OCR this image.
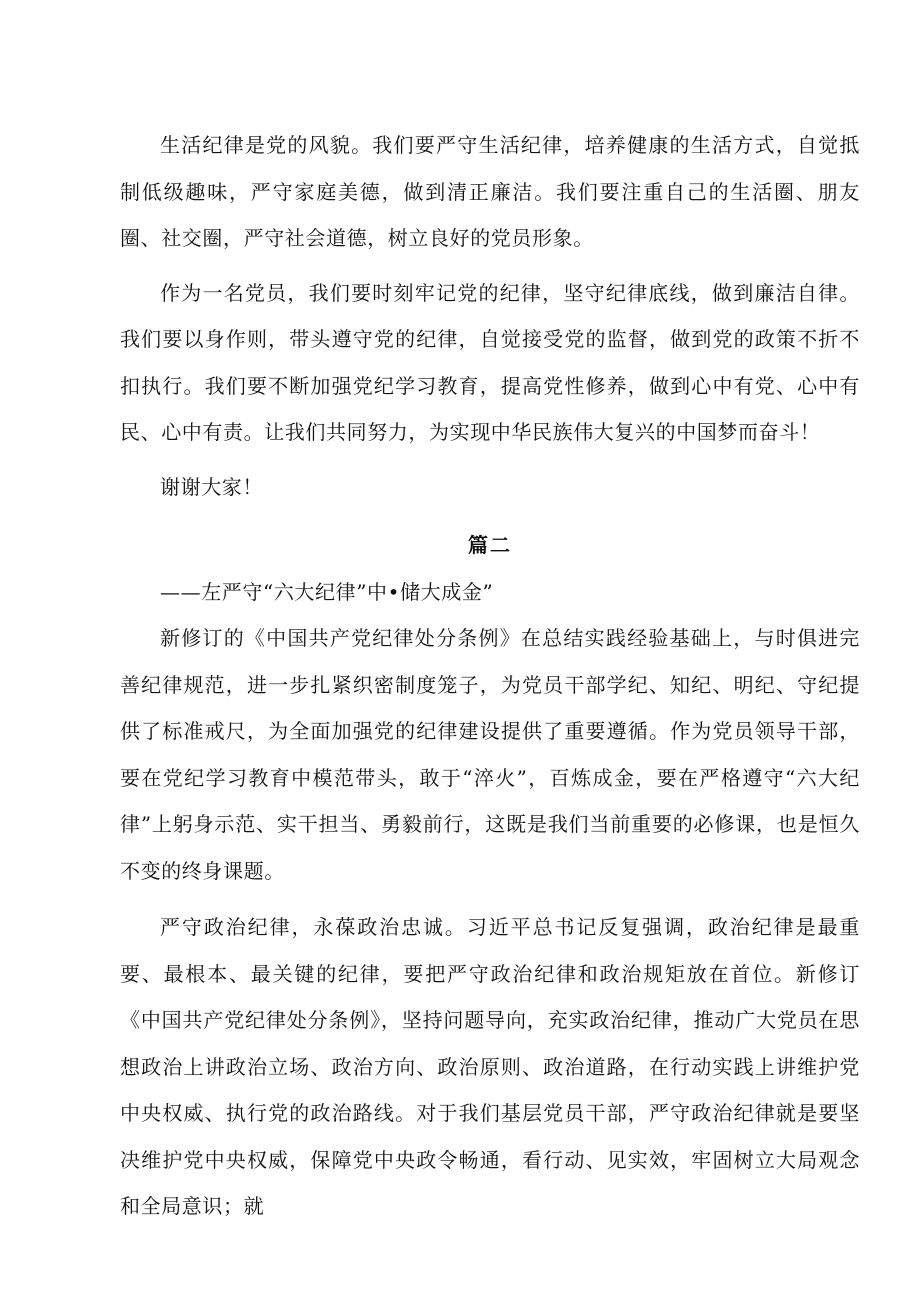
生活纪律是党的风貌。我们要严守生活纪律，培养健康的生活方式，自觉抵制低级趣味，严守家庭美德，做到清正廉洁。我们要注重自己的生活圈、朋友圈、社交圈，严守社会道德，树立良好的党员形象。

作为一名党员，我们要时刻牢记党的纪律，坚守纪律底线，做到廉洁自律。我们要以身作则，带头遵守党的纪律，自觉接受党的监督，做到党的政策不折不扣执行。我们要不断加强党纪学习教育，提高党性修养，做到心中有党、心中有民、心中有责。让我们共同努力，为实现中华民族伟大复兴的中国梦而奋斗！

谢谢大家！

篇二

——左严守“六大纪律”中•储大成金”

新修订的《中国共产党纪律处分条例》在总结实践经验基础上，与时俱进完善纪律规范，进一步扎紧织密制度笼子，为党员干部学纪、知纪、明纪、守纪提供了标准戒尺，为全面加强党的纪律建设提供了重要遵循。作为党员领导干部，要在党纪学习教育中模范带头，敢于“淬火”，百炼成金，要在严格遵守“六大纪律”上躬身示范、实干担当、勇毅前行，这既是我们当前重要的必修课，也是恒久不变的终身课题。

严守政治纪律，永葆政治忠诚。习近平总书记反复强调，政治纪律是最重要、最根本、最关键的纪律，要把严守政治纪律和政治规矩放在首位。新修订《中国共产党纪律处分条例》，坚持问题导向，充实政治纪律，推动广大党员在思想政治上讲政治立场、政治方向、政治原则、政治道路，在行动实践上讲维护党中央权威、执行党的政治路线。对于我们基层党员干部，严守政治纪律就是要坚决维护党中央权威，保障党中央政令畅通，看行动、见实效，牢固树立大局观念和全局意识；就
